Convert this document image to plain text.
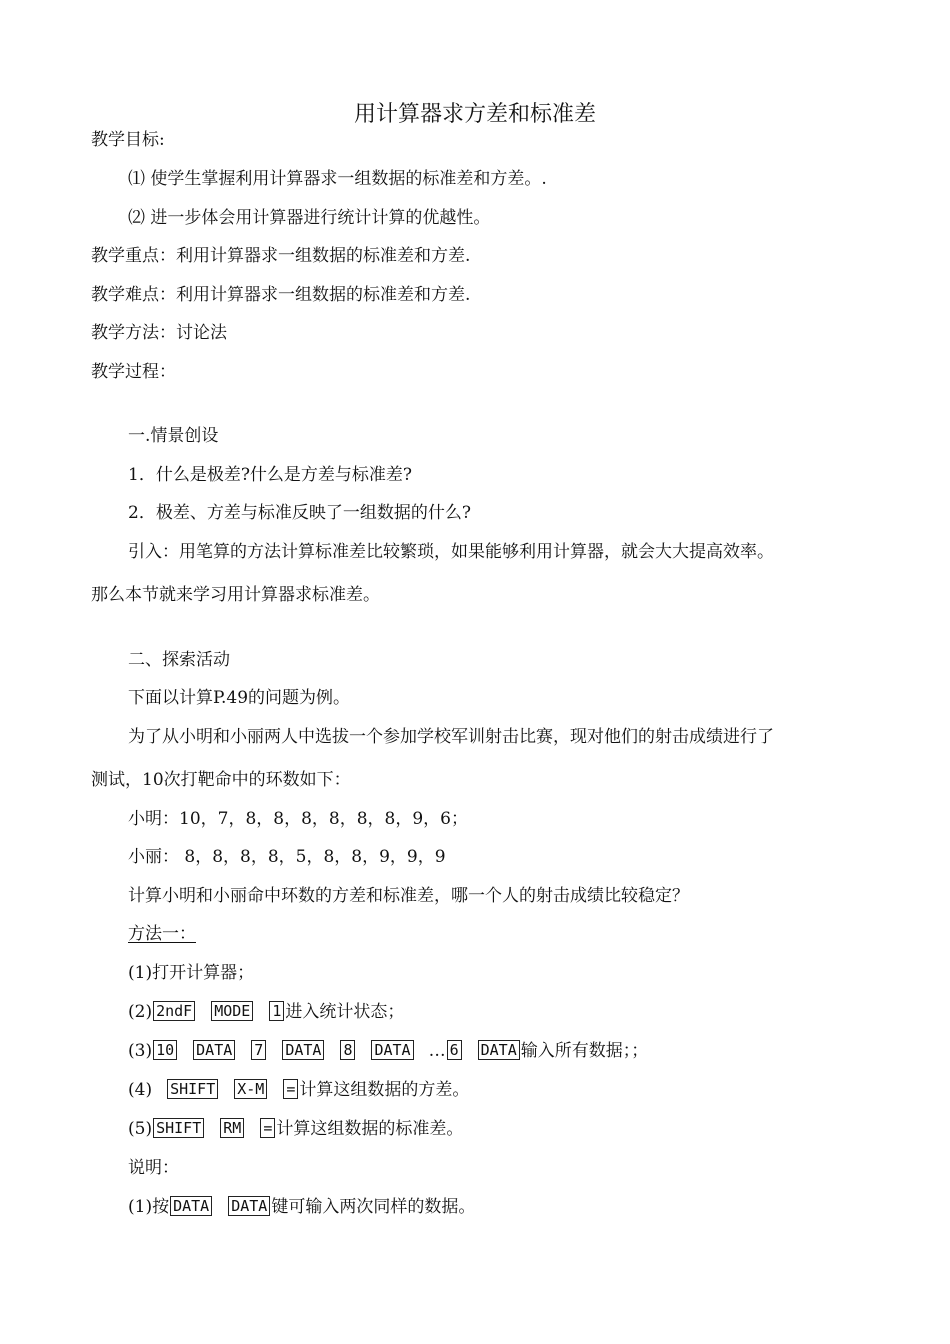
用计算器求方差和标准差
教学目标:
⑴ 使学生掌握利用计算器求一组数据的标准差和方差。.
⑵ 进一步体会用计算器进行统计计算的优越性。
教学重点：利用计算器求一组数据的标准差和方差.
教学难点：利用计算器求一组数据的标准差和方差.
教学方法：讨论法
教学过程：
一.情景创设
1．什么是极差?什么是方差与标准差?
2．极差、方差与标准反映了一组数据的什么?
引入：用笔算的方法计算标准差比较繁琐，如果能够利用计算器，就会大大提高效率。
那么本节就来学习用计算器求标准差。
二、探索活动
下面以计算P.49的问题为例。
为了从小明和小丽两人中选拔一个参加学校军训射击比赛，现对他们的射击成绩进行了
测试，10次打靶命中的环数如下：
小明：10，7，8，8，8，8，8，8，9，6；
小丽： 8，8，8，8，5，8，8，9，9，9
计算小明和小丽命中环数的方差和标准差，哪一个人的射击成绩比较稳定？
方法一：
(1)打开计算器；
(2) 2ndF MODE 1 进入统计状态；
(3) 10 DATA 7 DATA 8 DATA … 6 DATA 输入所有数据；；
(4) SHIFT X-M = 计算这组数据的方差。
(5) SHIFT RM = 计算这组数据的标准差。
说明：
(1)按 DATA DATA 键可输入两次同样的数据。
